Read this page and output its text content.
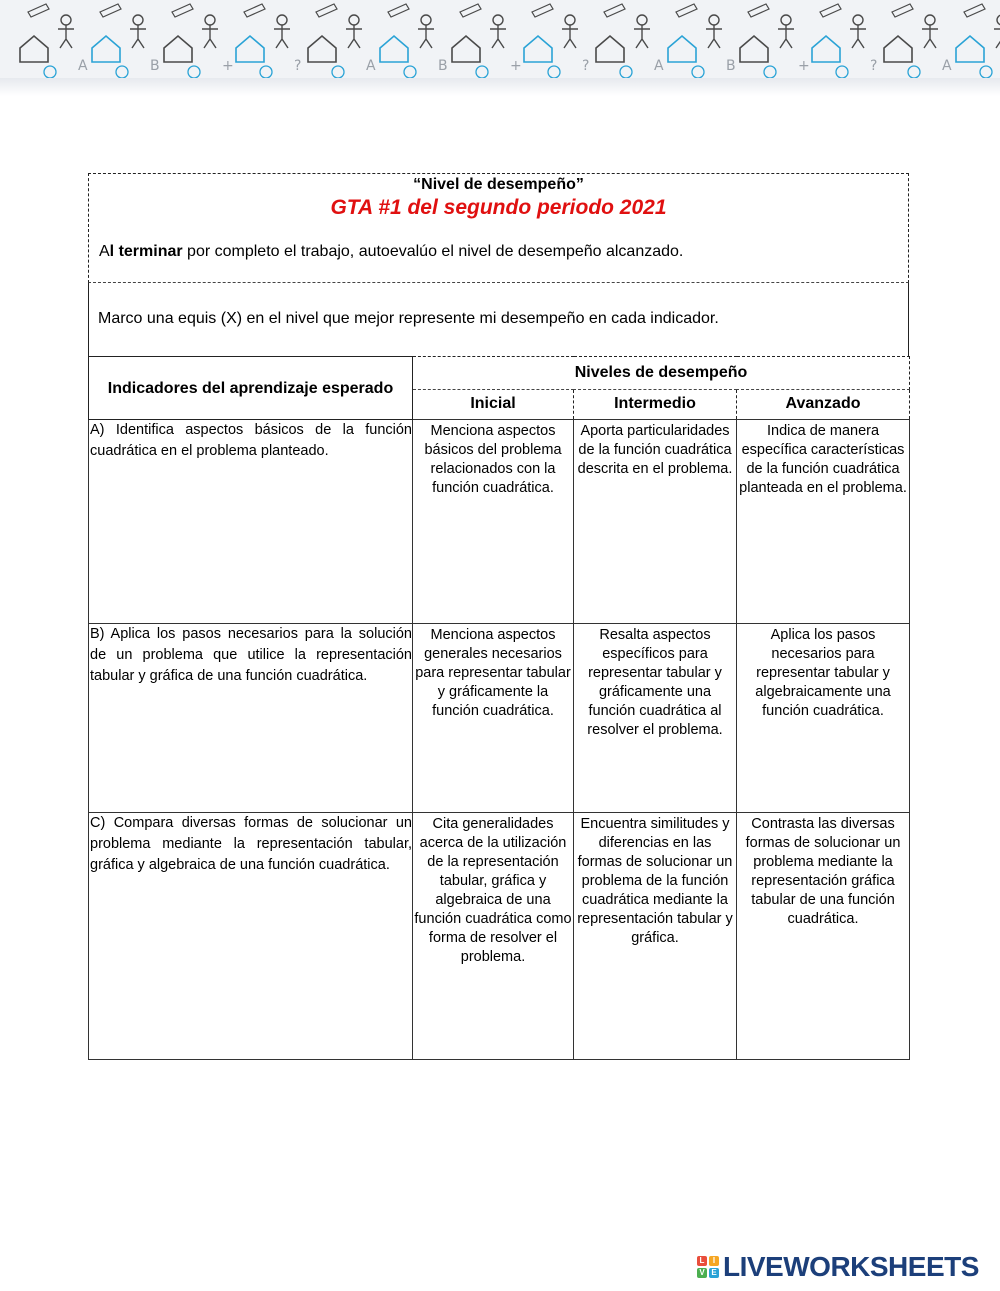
A	B	+	?	A	B	+	?	A	B	+	?	A
“Nivel de desempeño”
GTA #1 del segundo periodo 2021
Al terminar por completo el trabajo, autoevalúo el nivel de desempeño alcanzado.
Marco una equis (X) en el nivel que mejor represente mi desempeño en cada indicador.
Indicadores del aprendizaje esperado	Niveles de desempeño		
	Inicial	Intermedio	Avanzado
A) Identifica aspectos básicos de la función cuadrática en el problema planteado.	Menciona aspectos básicos del problema relacionados con la función cuadrática.	Aporta particularidades de la función cuadrática descrita en el problema.	Indica de manera específica características de la función cuadrática planteada en el problema.
B) Aplica los pasos necesarios para la solución de un problema que utilice la representación tabular y gráfica de una función cuadrática.	Menciona aspectos generales necesarios para representar tabular y gráficamente la función cuadrática.	Resalta aspectos específicos para representar tabular y gráficamente una función cuadrática al resolver el problema.	Aplica los pasos necesarios para representar tabular y algebraicamente una función cuadrática.
C) Compara diversas formas de solucionar un problema mediante la representación tabular, gráfica y algebraica de una función cuadrática.	Cita generalidades acerca de la utilización de la representación tabular, gráfica y algebraica de una función cuadrática como forma de resolver el problema.	Encuentra similitudes y diferencias en las formas de solucionar un problema de la función cuadrática mediante la representación tabular y gráfica.	Contrasta las diversas formas de solucionar un problema mediante la representación gráfica tabular de una función cuadrática.
L	I
V E LIVEWORKSHEETS
